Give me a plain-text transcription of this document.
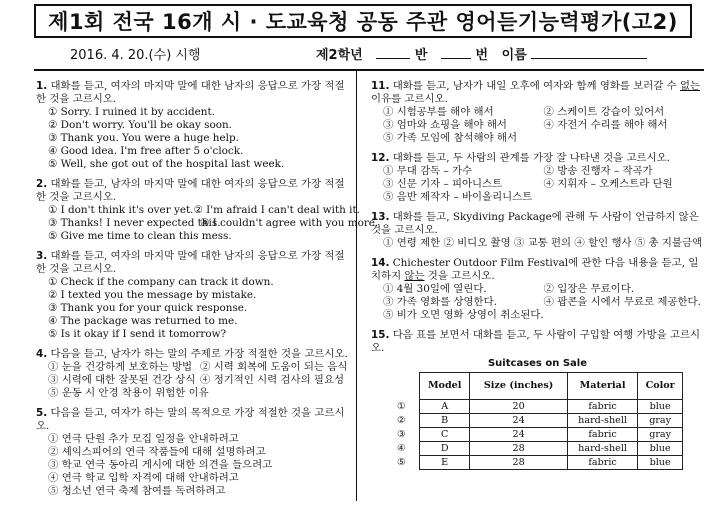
제1회 전국 16개 시 · 도교육청 공동 주관 영어듣기능력평가(고2)
2016. 4. 20.(수) 시행	제2학년	반	번 이름
1. 대화를 듣고, 여자의 마지막 말에 대한 남자의 응답으로 가장 적절한 것을 고르시오.
① Sorry. I ruined it by accident.
② Don't worry. You'll be okay soon.
③ Thank you. You were a huge help.
④ Good idea. I'm free after 5 o'clock.
⑤ Well, she got out of the hospital last week.
2. 대화를 듣고, 남자의 마지막 말에 대한 여자의 응답으로 가장 적절한 것을 고르시오.
① I don't think it's over yet. ② I'm afraid I can't deal with it.
③ Thanks! I never expected this.
④ I couldn't agree with you more.
⑤ Give me time to clean this mess.
3. 대화를 듣고, 여자의 마지막 말에 대한 남자의 응답으로 가장 적절한 것을 고르시오.
① Check if the company can track it down.
② I texted you the message by mistake.
③ Thank you for your quick response.
④ The package was returned to me.
⑤ Is it okay if I send it tomorrow?
4. 다음을 듣고, 남자가 하는 말의 주제로 가장 적절한 것을 고르시오.
① 눈을 건강하게 보호하는 방법 ② 시력 회복에 도움이 되는 음식
③ 시력에 대한 잘못된 건강 상식 ④ 정기적인 시력 검사의 필요성
⑤ 운동 시 안경 착용이 위험한 이유
5. 다음을 듣고, 여자가 하는 말의 목적으로 가장 적절한 것을 고르시오.
① 연극 단원 추가 모집 일정을 안내하려고
② 셰익스피어의 연극 작품들에 대해 설명하려고
③ 학교 연극 동아리 게시에 대한 의견을 들으려고
④ 연극 학교 입학 자격에 대해 안내하려고
⑤ 청소년 연극 축제 참여를 독려하려고
11. 대화를 듣고, 남자가 내일 오후에 여자와 함께 영화를 보러갈 수 없는 이유를 고르시오.
① 시험공부를 해야 해서	② 스케이트 강습이 있어서
③ 엄마와 쇼핑을 해야 해서	④ 자전거 수리를 해야 해서
⑤ 가족 모임에 참석해야 해서
12. 대화를 듣고, 두 사람의 관계를 가장 잘 나타낸 것을 고르시오.
① 무대 감독 – 가수	② 방송 진행자 – 작곡가
③ 신문 기자 – 피아니스트	④ 지휘자 – 오케스트라 단원
⑤ 음반 제작자 – 바이올리니스트
13. 대화를 듣고, Skydiving Package에 관해 두 사람이 언급하지 않은 것을 고르시오.
① 연령 제한 ② 비디오 촬영 ③ 교통 편의 ④ 할인 행사 ⑤ 총 지불금액
14. Chichester Outdoor Film Festival에 관한 다음 내용을 듣고, 일치하지 않는 것을 고르시오.
① 4월 30일에 열린다.	② 입장은 무료이다.
③ 가족 영화를 상영한다.	④ 팝콘을 시에서 무료로 제공한다.
⑤ 비가 오면 영화 상영이 취소된다.
15. 다음 표를 보면서 대화를 듣고, 두 사람이 구입할 여행 가방을 고르시오.
Suitcases on Sale
	Model	Size (inches)	Material	Color
①	A	20	fabric	blue
②	B	24	hard-shell	gray
③	C	24	fabric	gray
④	D	28	hard-shell	blue
⑤	E	28	fabric	blue
